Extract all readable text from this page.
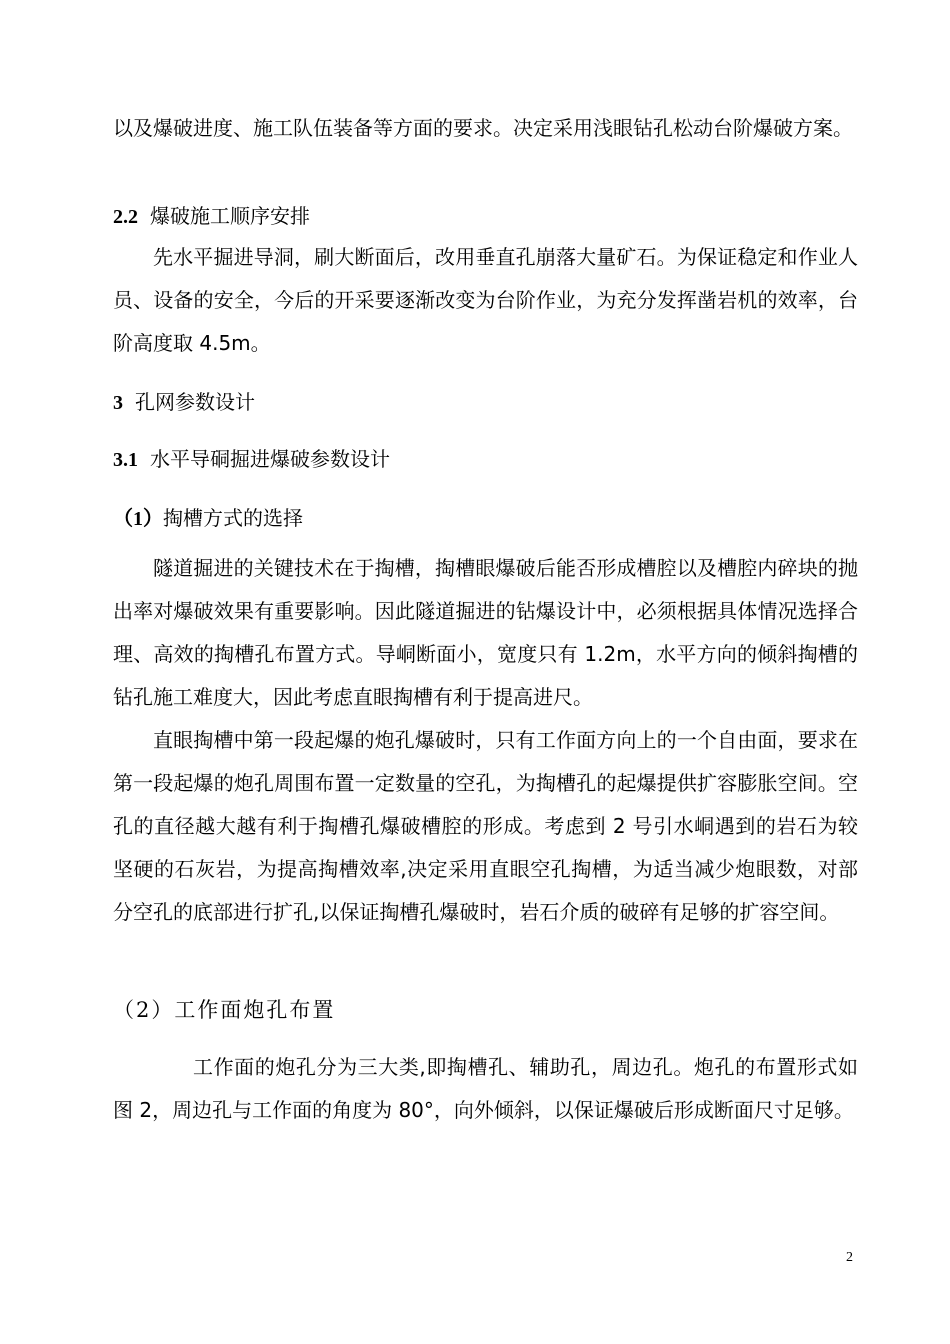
以及爆破进度、施工队伍装备等方面的要求。决定采用浅眼钻孔松动台阶爆破方案。

2.2 爆破施工顺序安排

先水平掘进导洞，刷大断面后，改用垂直孔崩落大量矿石。为保证稳定和作业人员、设备的安全，今后的开采要逐渐改变为台阶作业，为充分发挥凿岩机的效率，台阶高度取 4.5m。

3 孔网参数设计
3.1 水平导硐掘进爆破参数设计
（1）掏槽方式的选择

隧道掘进的关键技术在于掏槽，掏槽眼爆破后能否形成槽腔以及槽腔内碎块的抛出率对爆破效果有重要影响。因此隧道掘进的钻爆设计中，必须根据具体情况选择合理、高效的掏槽孔布置方式。导峒断面小，宽度只有 1.2m，水平方向的倾斜掏槽的钻孔施工难度大，因此考虑直眼掏槽有利于提高进尺。

直眼掏槽中第一段起爆的炮孔爆破时，只有工作面方向上的一个自由面，要求在第一段起爆的炮孔周围布置一定数量的空孔，为掏槽孔的起爆提供扩容膨胀空间。空孔的直径越大越有利于掏槽孔爆破槽腔的形成。考虑到 2 号引水峒遇到的岩石为较坚硬的石灰岩，为提高掏槽效率,决定采用直眼空孔掏槽，为适当减少炮眼数，对部分空孔的底部进行扩孔,以保证掏槽孔爆破时，岩石介质的破碎有足够的扩容空间。

（2）工作面炮孔布置

工作面的炮孔分为三大类,即掏槽孔、辅助孔，周边孔。炮孔的布置形式如图 2，周边孔与工作面的角度为 80°，向外倾斜，以保证爆破后形成断面尺寸足够。

2
